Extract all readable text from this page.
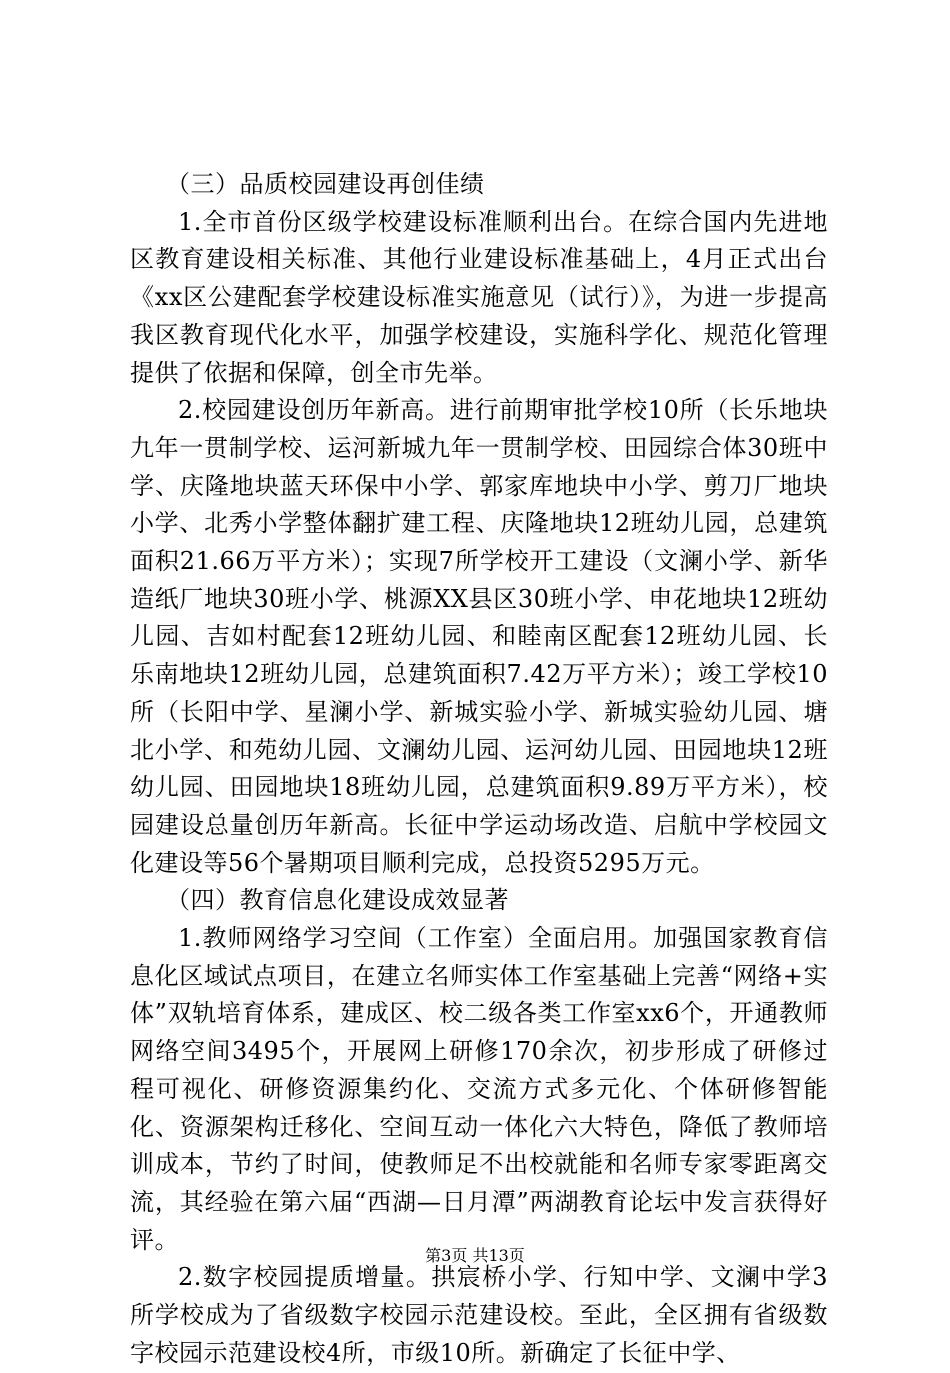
（三）品质校园建设再创佳绩

1.全市首份区级学校建设标准顺利出台。在综合国内先进地区教育建设相关标准、其他行业建设标准基础上，4月正式出台《xx区公建配套学校建设标准实施意见（试行）》，为进一步提高我区教育现代化水平，加强学校建设，实施科学化、规范化管理提供了依据和保障，创全市先举。

2.校园建设创历年新高。进行前期审批学校10所（长乐地块九年一贯制学校、运河新城九年一贯制学校、田园综合体30班中学、庆隆地块蓝天环保中小学、郭家库地块中小学、剪刀厂地块小学、北秀小学整体翻扩建工程、庆隆地块12班幼儿园，总建筑面积21.66万平方米）；实现7所学校开工建设（文澜小学、新华造纸厂地块30班小学、桃源XX县区30班小学、申花地块12班幼儿园、吉如村配套12班幼儿园、和睦南区配套12班幼儿园、长乐南地块12班幼儿园，总建筑面积7.42万平方米）；竣工学校10所（长阳中学、星澜小学、新城实验小学、新城实验幼儿园、塘北小学、和苑幼儿园、文澜幼儿园、运河幼儿园、田园地块12班幼儿园、田园地块18班幼儿园，总建筑面积9.89万平方米），校园建设总量创历年新高。长征中学运动场改造、启航中学校园文化建设等56个暑期项目顺利完成，总投资5295万元。

（四）教育信息化建设成效显著

1.教师网络学习空间（工作室）全面启用。加强国家教育信息化区域试点项目，在建立名师实体工作室基础上完善“网络+实体”双轨培育体系，建成区、校二级各类工作室xx6个，开通教师网络空间3495个，开展网上研修170余次，初步形成了研修过程可视化、研修资源集约化、交流方式多元化、个体研修智能化、资源架构迁移化、空间互动一体化六大特色，降低了教师培训成本，节约了时间，使教师足不出校就能和名师专家零距离交流，其经验在第六届“西湖—日月潭”两湖教育论坛中发言获得好评。

2.数字校园提质增量。拱宸桥小学、行知中学、文澜中学3所学校成为了省级数字校园示范建设校。至此，全区拥有省级数字校园示范建设校4所，市级10所。新确定了长征中学、

第3页 共13页
